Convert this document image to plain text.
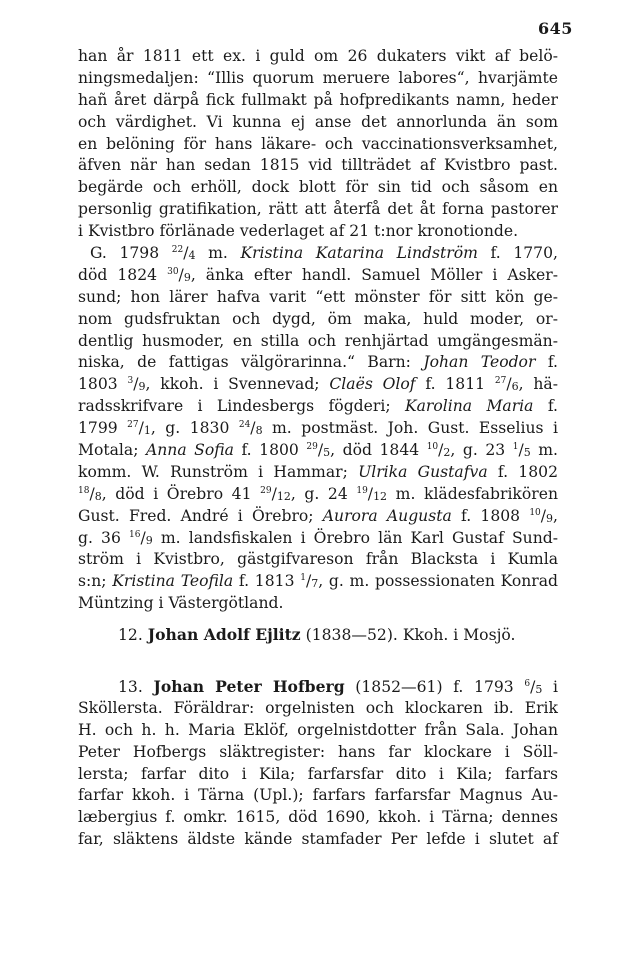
645
han år 1811 ett ex. i guld om 26 dukaters vikt af belö-
ningsmedaljen: “Illis quorum meruere labores“, hvarjämte
hañ året därpå fick fullmakt på hofpredikants namn, heder
och värdighet. Vi kunna ej anse det annorlunda än som
en belöning för hans läkare- och vaccinationsverksamhet,
äfven när han sedan 1815 vid tillträdet af Kvistbro past.
begärde och erhöll, dock blott för sin tid och såsom en
personlig gratifikation, rätt att återfå det åt forna pastorer
i Kvistbro förlänade vederlaget af 21 t:nor kronotionde.
G. 1798 $^{22}$/4 m. Kristina Katarina Lindström f. 1770,
död 1824 $^{30}$/9, änka efter handl. Samuel Möller i Asker-
sund; hon lärer hafva varit “ett mönster för sitt kön ge-
nom gudsfruktan och dygd, öm maka, huld moder, or-
dentlig husmoder, en stilla och renhjärtad umgängesmän-
niska, de fattigas välgörarinna.“ Barn: Johan Teodor f.
1803 $^3$/9, kkoh. i Svennevad; Claës Olof f. 1811 $^{27}$/6, hä-
radsskrifvare i Lindesbergs fögderi; Karolina Maria f.
1799 $^{27}$/1, g. 1830 $^{24}$/8 m. postmäst. Joh. Gust. Esselius i
Motala; Anna Sofia f. 1800 $^{29}$/5, död 1844 $^{10}$/2, g. 23 $^1$/5 m.
komm. W. Runström i Hammar; Ulrika Gustafva f. 1802
$^{18}$/8, död i Örebro 41 $^{29}$/12, g. 24 $^{19}$/12 m. klädesfabrikören
Gust. Fred. André i Örebro; Aurora Augusta f. 1808 $^{10}$/9,
g. 36 $^{16}$/9 m. landsfiskalen i Örebro län Karl Gustaf Sund-
ström i Kvistbro, gästgifvareson från Blacksta i Kumla
s:n; Kristina Teofila f. 1813 $^1$/7, g. m. possessionaten Konrad
Müntzing i Västergötland.
12. Johan Adolf Ejlitz (1838—52). Kkoh. i Mosjö.
13. Johan Peter Hofberg (1852—61) f. 1793 $^6$/5 i
Sköllersta. Föräldrar: orgelnisten och klockaren ib. Erik
H. och h. h. Maria Eklöf, orgelnistdotter från Sala. Johan
Peter Hofbergs släktregister: hans far klockare i Söll-
lersta; farfar dito i Kila; farfarsfar dito i Kila; farfars
farfar kkoh. i Tärna (Upl.); farfars farfarsfar Magnus Au-
læbergius f. omkr. 1615, död 1690, kkoh. i Tärna; dennes
far, släktens äldste kände stamfader Per lefde i slutet af
